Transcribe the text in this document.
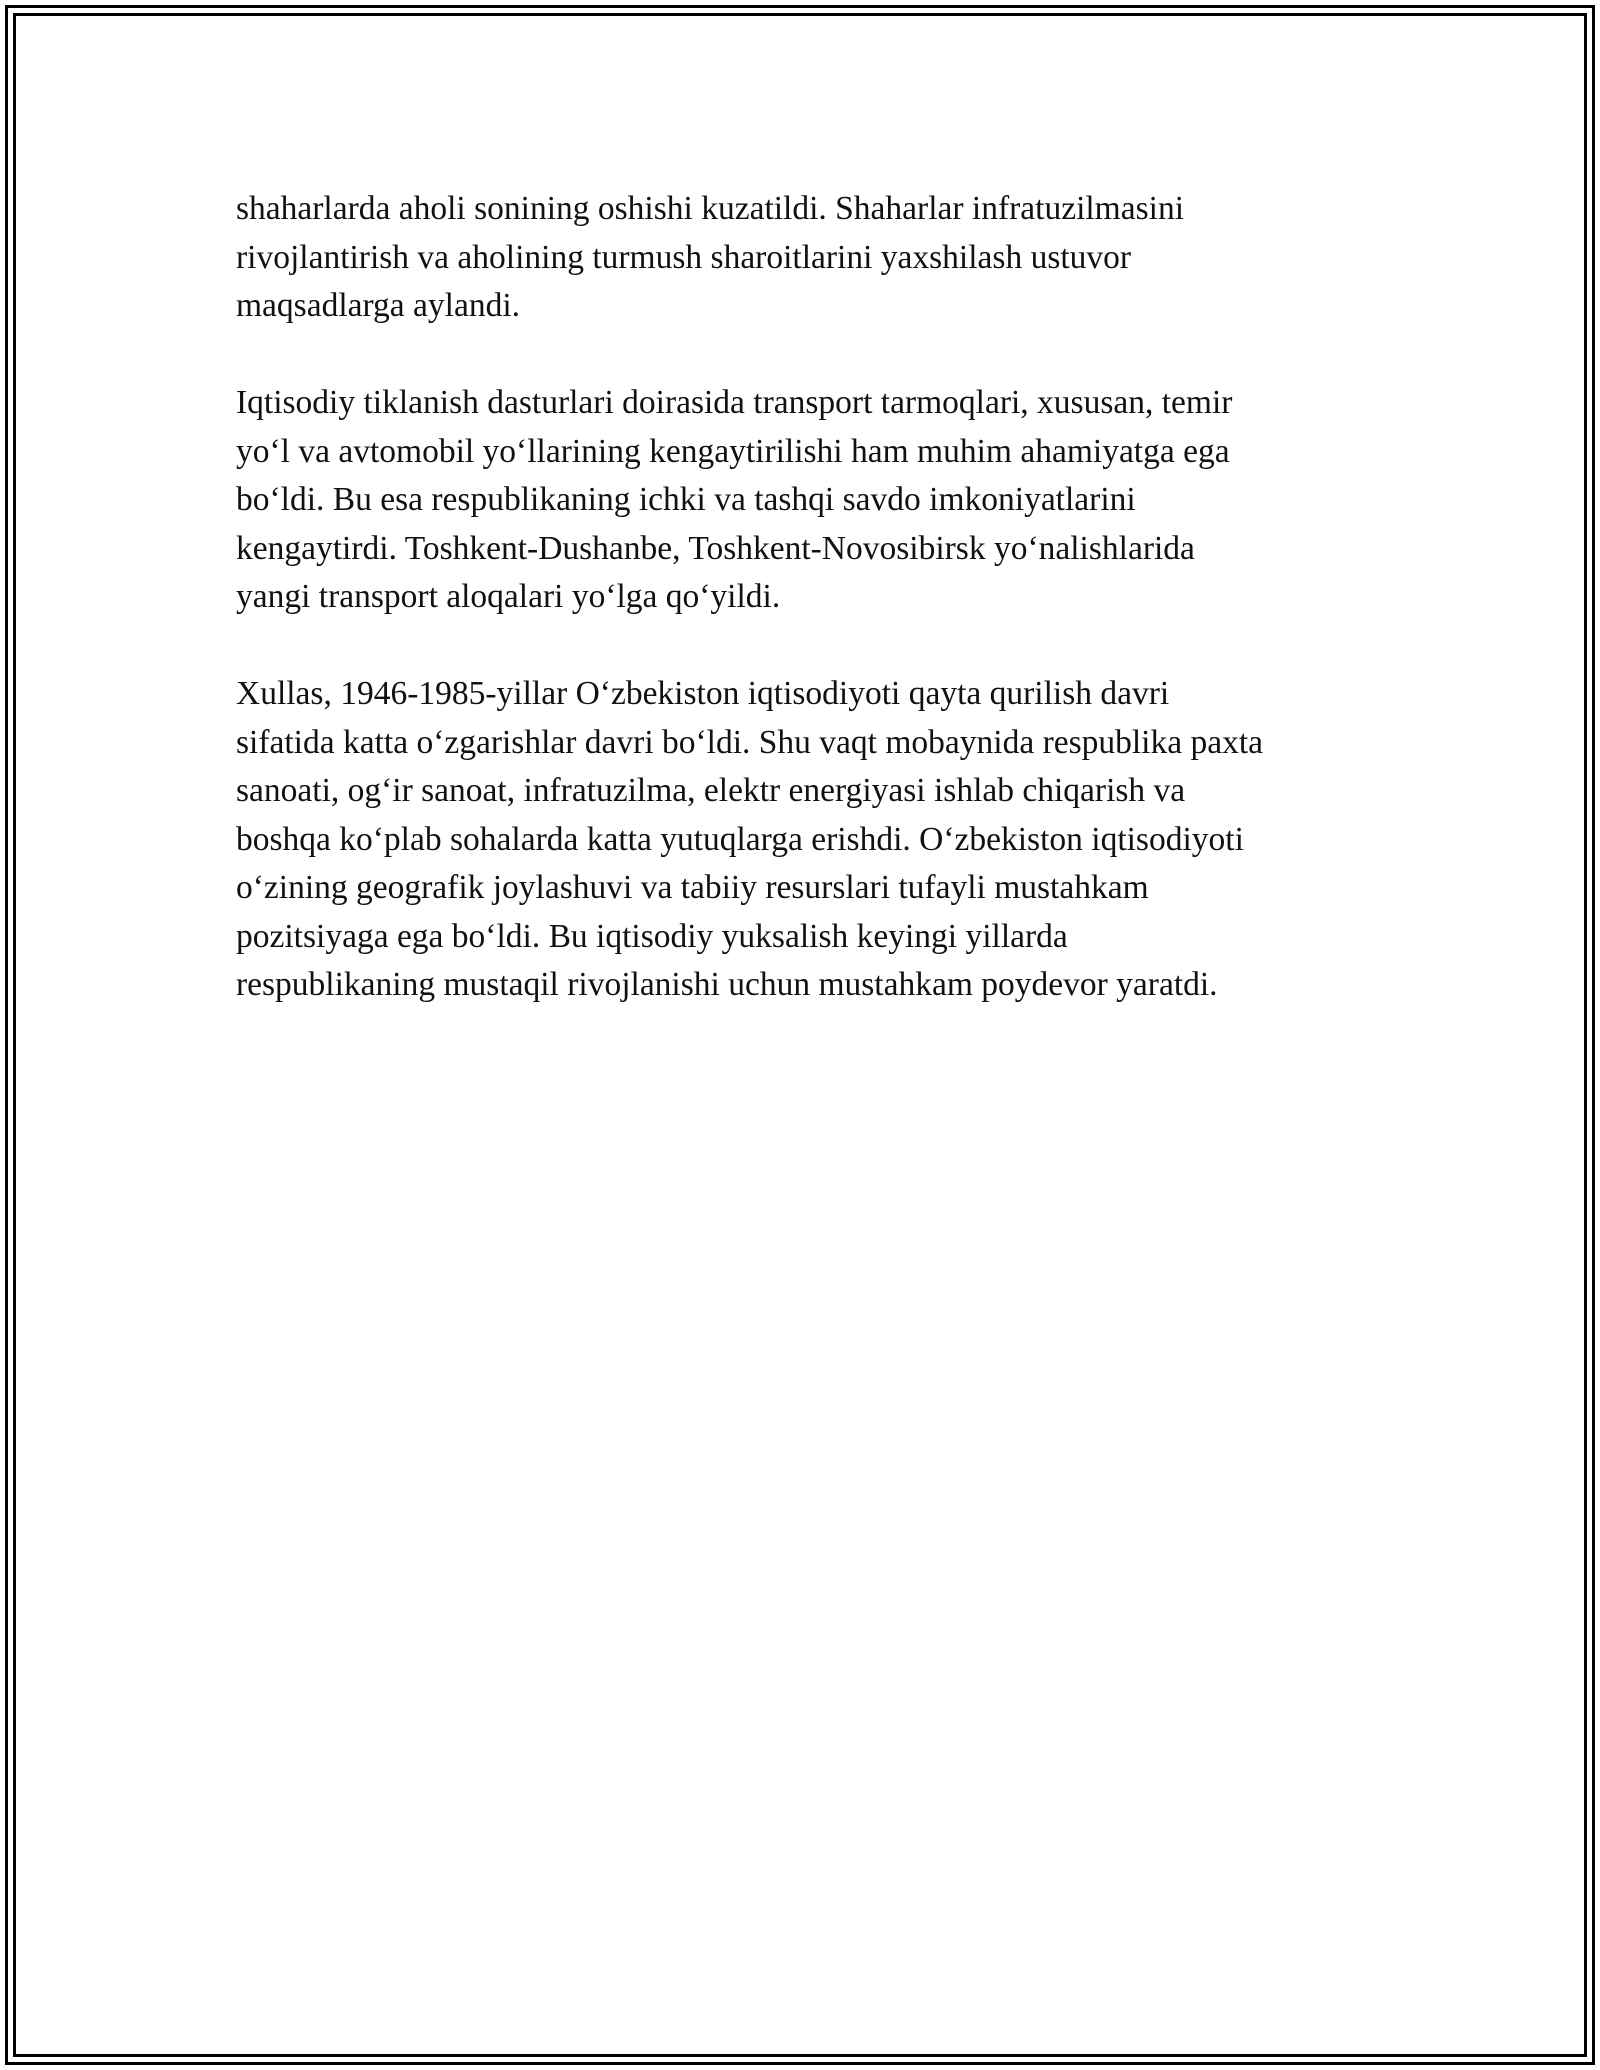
shaharlarda aholi sonining oshishi kuzatildi. Shaharlar infratuzilmasini
rivojlantirish va aholining turmush sharoitlarini yaxshilash ustuvor
maqsadlarga aylandi.

Iqtisodiy tiklanish dasturlari doirasida transport tarmoqlari, xususan, temir
yo‘l va avtomobil yo‘llarining kengaytirilishi ham muhim ahamiyatga ega
bo‘ldi. Bu esa respublikaning ichki va tashqi savdo imkoniyatlarini
kengaytirdi. Toshkent-Dushanbe, Toshkent-Novosibirsk yo‘nalishlarida
yangi transport aloqalari yo‘lga qo‘yildi.

Xullas, 1946-1985-yillar O‘zbekiston iqtisodiyoti qayta qurilish davri
sifatida katta o‘zgarishlar davri bo‘ldi. Shu vaqt mobaynida respublika paxta
sanoati, og‘ir sanoat, infratuzilma, elektr energiyasi ishlab chiqarish va
boshqa ko‘plab sohalarda katta yutuqlarga erishdi. O‘zbekiston iqtisodiyoti
o‘zining geografik joylashuvi va tabiiy resurslari tufayli mustahkam
pozitsiyaga ega bo‘ldi. Bu iqtisodiy yuksalish keyingi yillarda
respublikaning mustaqil rivojlanishi uchun mustahkam poydevor yaratdi.
